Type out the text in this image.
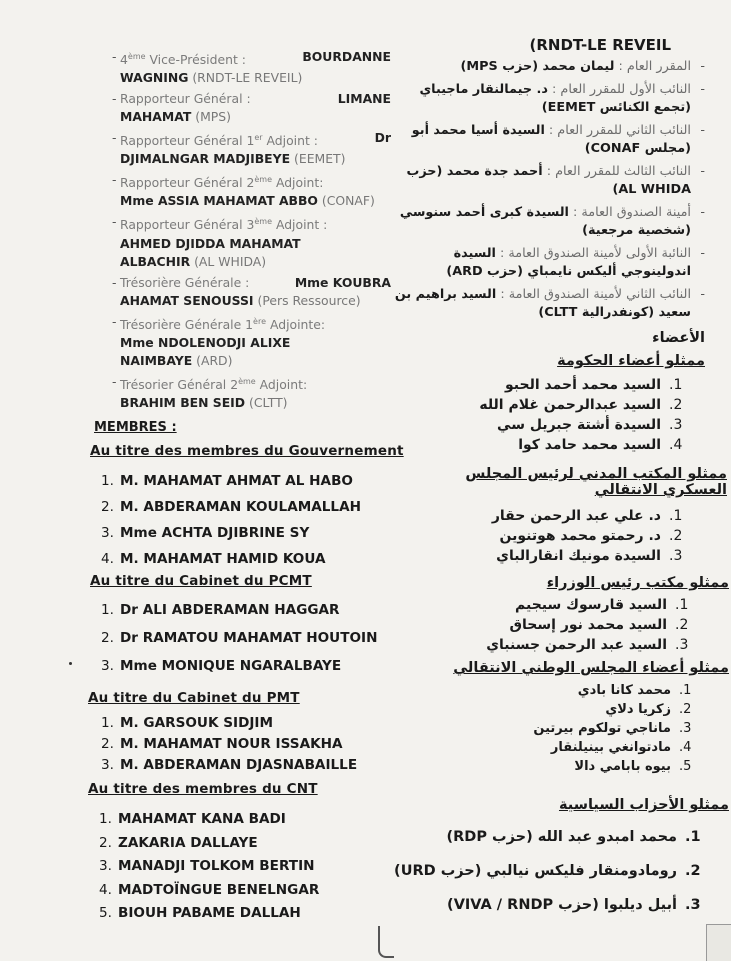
- 4ème Vice-Président :	BOURDANNE
WAGNING (RNDT-LE REVEIL)
- Rapporteur Général :	LIMANE
MAHAMAT (MPS)
- Rapporteur Général 1er Adjoint :	Dr
DJIMALNGAR MADJIBEYE (EEMET)
- Rapporteur Général 2ème Adjoint:
Mme ASSIA MAHAMAT ABBO (CONAF)
- Rapporteur Général 3ème Adjoint :
AHMED DJIDDA MAHAMAT
ALBACHIR (AL WHIDA)
- Trésorière Générale :	Mme KOUBRA
AHAMAT SENOUSSI (Pers Ressource)
- Trésorière Générale 1ère Adjointe:
Mme NDOLENODJI ALIXE
NAIMBAYE (ARD)
- Trésorier Général 2ème Adjoint:
BRAHIM BEN SEID (CLTT)
MEMBRES :
Au titre des membres du Gouvernement
1. M. MAHAMAT AHMAT AL HABO
2. M. ABDERAMAN KOULAMALLAH
3. Mme ACHTA DJIBRINE SY
4. M. MAHAMAT HAMID KOUA
Au titre du Cabinet du PCMT
1. Dr ALI ABDERAMAN HAGGAR
2. Dr RAMATOU MAHAMAT HOUTOIN
3. Mme MONIQUE NGARALBAYE
Au titre du Cabinet du PMT
1. M. GARSOUK SIDJIM
2. M. MAHAMAT NOUR ISSAKHA
3. M. ABDERAMAN DJASNABAILLE
Au titre des membres du CNT
1. MAHAMAT KANA BADI
2. ZAKARIA DALLAYE
3. MANADJI TOLKOM BERTIN
4. MADTOÏNGUE BENELNGAR
5. BIOUH PABAME DALLAH
(RNDT-LE REVEIL
- المقرر العام : ليمان محمد (حزب MPS)
- النائب الأول للمقرر العام : د. جيمالنقار ماجيباي (تجمع الكنائس EEMET)
- النائب الثاني للمقرر العام : السيدة أسيا محمد أبو (مجلس CONAF)
- النائب الثالث للمقرر العام : أحمد جدة محمد (حزب AL WHIDA)
- أمينة الصندوق العامة : السيدة كبرى أحمد سنوسي (شخصية مرجعية)
- النائبة الأولى لأمينة الصندوق العامة : السيدة اندولينوجي أليكس نايمباي (حزب ARD)
- النائب الثاني لأمينة الصندوق العامة : السيد براهيم بن سعيد (كونفدرالية CLTT)
الأعضاء
ممثلو أعضاء الحكومة
.1
السيد محمد أحمد الحبو
.2
السيد عبدالرحمن غلام الله
.3
السيدة أشتة جبريل سي
.4
السيد محمد حامد كوا
ممثلو المكتب المدني لرئيس المجلس العسكري الانتقالي
.1
د. علي عبد الرحمن حقار
.2
د. رحمتو محمد هوتنوين
.3
السيدة مونيك انقارالباي
ممثلو مكتب رئيس الوزراء
.1
السيد قارسوك سيجيم
.2
السيد محمد نور إسحاق
.3
السيد عبد الرحمن جسنباي
ممثلو أعضاء المجلس الوطني الانتقالي
.1
محمد كانا بادي
.2
زكريا دلاي
.3
ماناجي تولكوم بيرتين
.4
مادتوانغي بينيلنقار
.5
بيوه بابامي دالا
ممثلو الأحزاب السياسية
.1
محمد امبدو عبد الله (حزب RDP)
.2
رومادومنقار فليكس نيالبي (حزب URD)
.3
أبيل ديلبوا (حزب VIVA / RNDP)
